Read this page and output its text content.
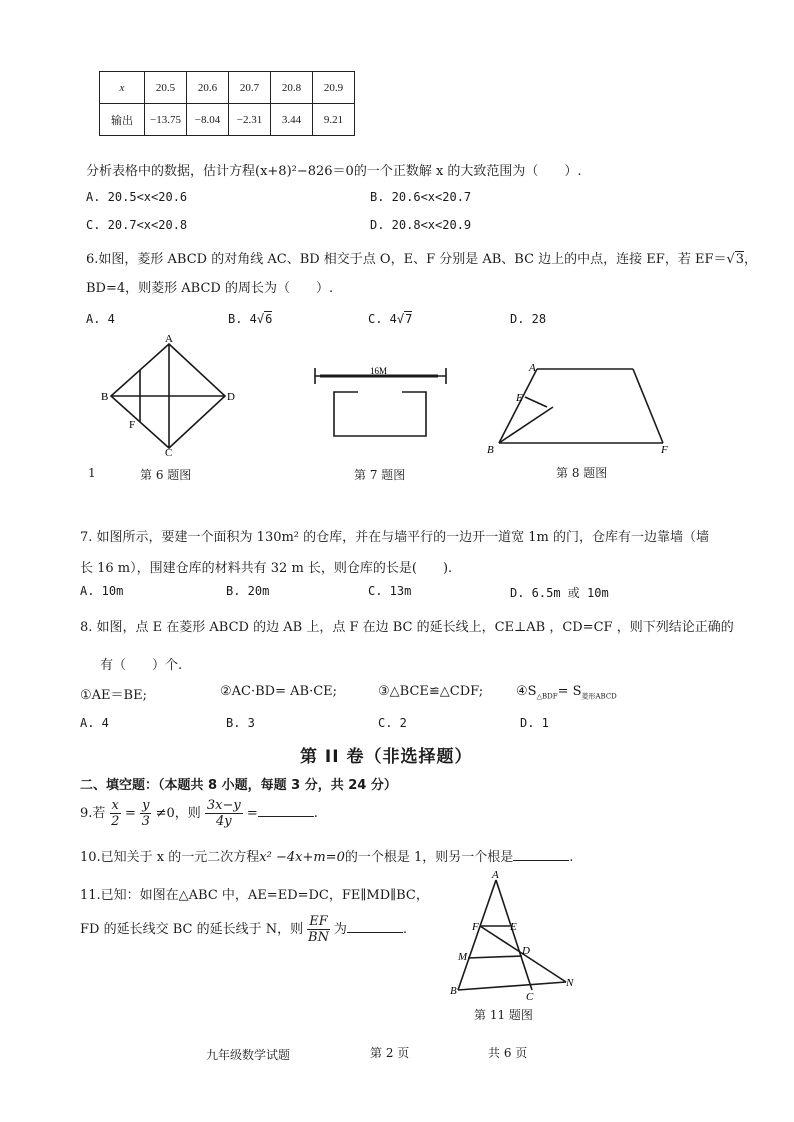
x	20.5	20.6	20.7	20.8	20.9
输出	−13.75	−8.04	−2.31	3.44	9.21
分析表格中的数据，估计方程(x+8)²−826＝0的一个正数解 x 的大致范围为（　　）.
A. 20.5<x<20.6	B. 20.6<x<20.7
C. 20.7<x<20.8	D. 20.8<x<20.9
6.如图，菱形 ABCD 的对角线 AC、BD 相交于点 O，E、F 分别是 AB、BC 边上的中点，连接 EF，若 EF＝√3，
BD=4，则菱形 ABCD 的周长为（　　）.
A. 4	B. 4√6	C. 4√7	D. 28
A
B	D
C
F
16M	A
E
B	F
1	第 6 题图	第 7 题图	第 8 题图
7. 如图所示，要建一个面积为 130m² 的仓库，并在与墙平行的一边开一道宽 1m 的门，仓库有一边靠墙（墙
长 16 m），围建仓库的材料共有 32 m 长，则仓库的长是(　　).
A. 10m	B. 20m	C. 13m	D. 6.5m 或 10m
8. 如图，点 E 在菱形 ABCD 的边 AB 上，点 F 在边 BC 的延长线上，CE⊥AB ，CD=CF ，则下列结论正确的
有（　　）个.
①AE＝BE;	②AC·BD= AB·CE;	③△BCE≌△CDF;	$④S_{\triangle BDF}= S_{菱形ABCD}$
A. 4	B. 3	C. 2	D. 1
第 II 卷（非选择题）
二、填空题：（本题共 8 小题，每题 3 分，共 24 分）
9.若 $\frac{x}{2} = \frac{y}{3} \ne 0$，则 $\frac{3x-y}{4y}$ =	.
10.已知关于 x 的一元二次方程x² −4x+m=0的一个根是 1，则另一个根是	.
11.已知：如图在△ABC 中，AE=ED=DC，FE∥MD∥BC，
FD 的延长线交 BC 的延长线于 N，则 $\frac{EF}{BN}$ 为	.
A
F	E
M	D
B	C
N
第 11 题图
九年级数学试题	第 2 页	共 6 页
